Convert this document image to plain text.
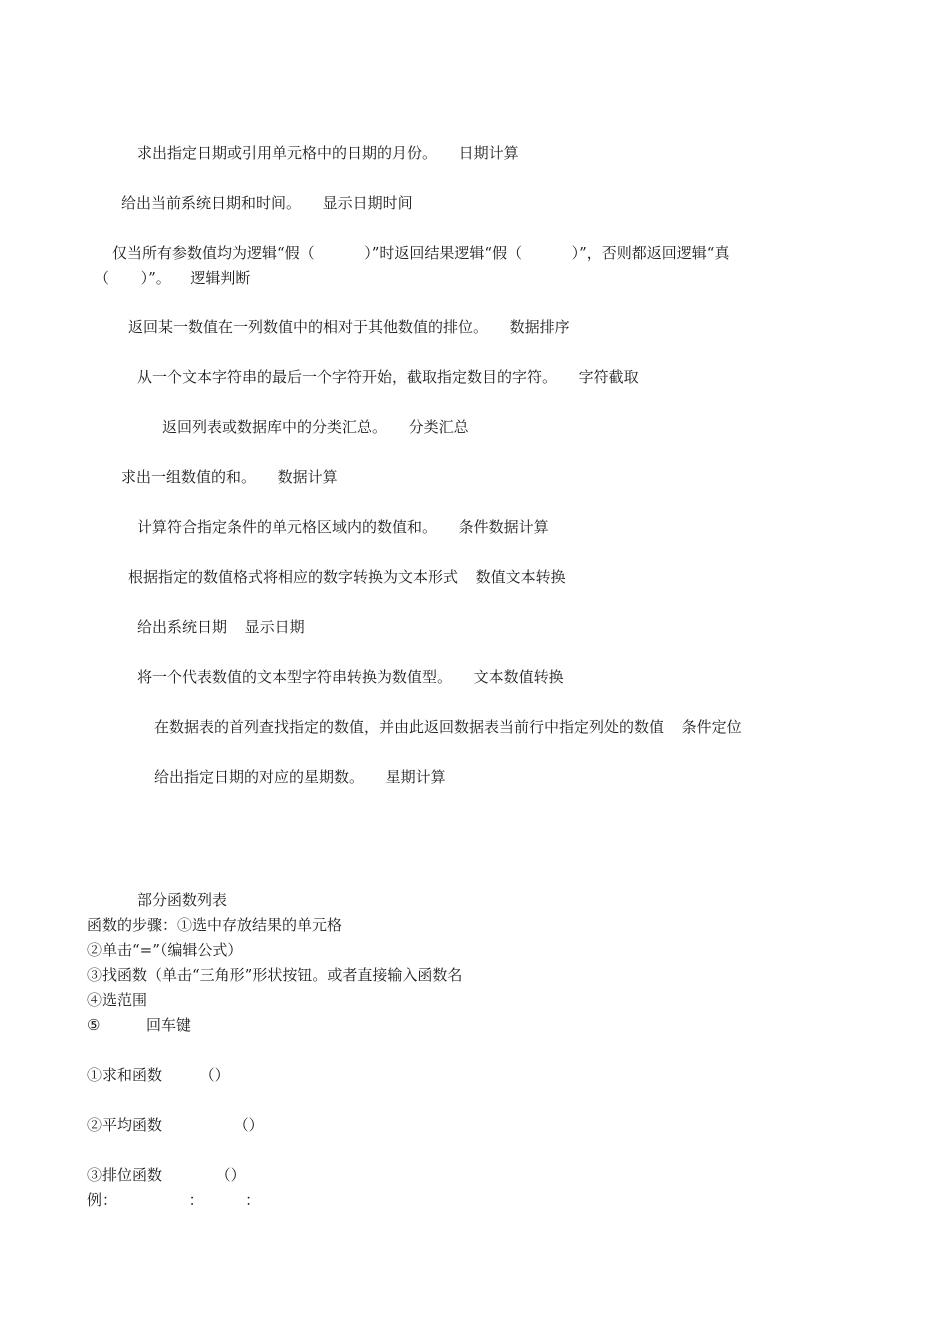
求出指定日期或引用单元格中的日期的月份。 日期计算
给出当前系统日期和时间。 显示日期时间
仅当所有参数值均为逻辑“假（	）”时返回结果逻辑“假（	）”，否则都返回逻辑“真
（ ）”。 逻辑判断
返回某一数值在一列数值中的相对于其他数值的排位。 数据排序
从一个文本字符串的最后一个字符开始，截取指定数目的字符。 字符截取
返回列表或数据库中的分类汇总。 分类汇总
求出一组数值的和。 数据计算
计算符合指定条件的单元格区域内的数值和。 条件数据计算
根据指定的数值格式将相应的数字转换为文本形式 数值文本转换
给出系统日期 显示日期
将一个代表数值的文本型字符串转换为数值型。 文本数值转换
在数据表的首列查找指定的数值，并由此返回数据表当前行中指定列处的数值 条件定位
给出指定日期的对应的星期数。 星期计算
部分函数列表
函数的步骤：①选中存放结果的单元格
②单击“=”（编辑公式）
③找函数（单击“三角形”形状按钮。或者直接输入函数名
④选范围
⑤	回车键
①求和函数	（）
②平均函数	（）
③排位函数	（）
例：	：	：
